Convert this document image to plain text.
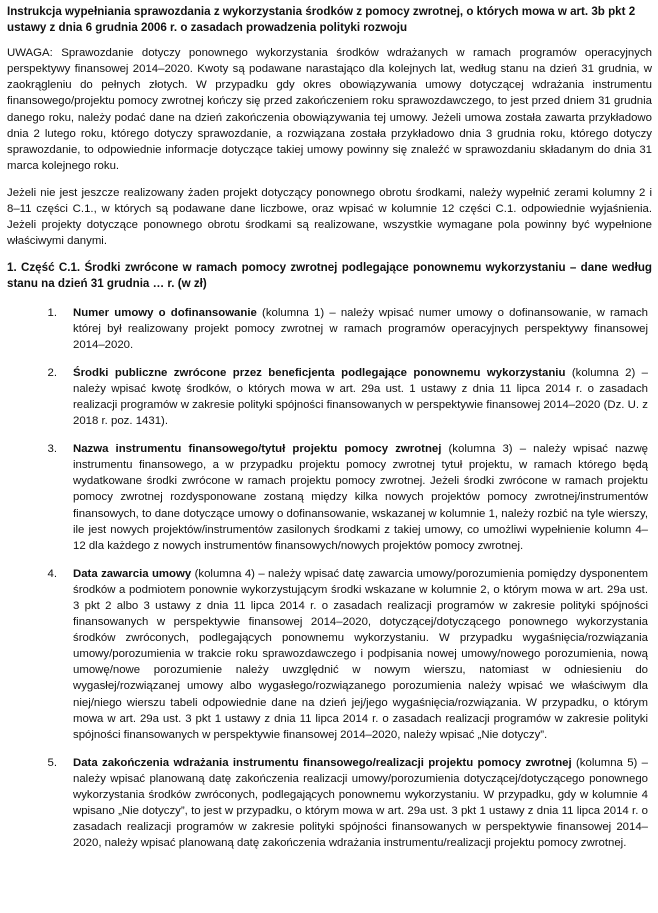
Instrukcja wypełniania sprawozdania z wykorzystania środków z pomocy zwrotnej, o których mowa w art. 3b pkt 2 ustawy z dnia 6 grudnia 2006 r. o zasadach prowadzenia polityki rozwoju

UWAGA: Sprawozdanie dotyczy ponownego wykorzystania środków wdrażanych w ramach programów operacyjnych perspektywy finansowej 2014–2020. Kwoty są podawane narastająco dla kolejnych lat, według stanu na dzień 31 grudnia, w zaokrągleniu do pełnych złotych. W przypadku gdy okres obowiązywania umowy dotyczącej wdrażania instrumentu finansowego/projektu pomocy zwrotnej kończy się przed zakończeniem roku sprawozdawczego, to jest przed dniem 31 grudnia danego roku, należy podać dane na dzień zakończenia obowiązywania tej umowy. Jeżeli umowa została zawarta przykładowo dnia 2 lutego roku, którego dotyczy sprawozdanie, a rozwiązana została przykładowo dnia 3 grudnia roku, którego dotyczy sprawozdanie, to odpowiednie informacje dotyczące takiej umowy powinny się znaleźć w sprawozdaniu składanym do dnia 31 marca kolejnego roku.

Jeżeli nie jest jeszcze realizowany żaden projekt dotyczący ponownego obrotu środkami, należy wypełnić zerami kolumny 2 i 8–11 części C.1., w których są podawane dane liczbowe, oraz wpisać w kolumnie 12 części C.1. odpowiednie wyjaśnienia. Jeżeli projekty dotyczące ponownego obrotu środkami są realizowane, wszystkie wymagane pola powinny być wypełnione właściwymi danymi.

1. Część C.1. Środki zwrócone w ramach pomocy zwrotnej podlegające ponownemu wykorzystaniu – dane według stanu na dzień 31 grudnia … r. (w zł)
1.	Numer umowy o dofinansowanie (kolumna 1) – należy wpisać numer umowy o dofinansowanie, w ramach której był realizowany projekt pomocy zwrotnej w ramach programów operacyjnych perspektywy finansowej 2014–2020.
2.	Środki publiczne zwrócone przez beneficjenta podlegające ponownemu wykorzystaniu (kolumna 2) – należy wpisać kwotę środków, o których mowa w art. 29a ust. 1 ustawy z dnia 11 lipca 2014 r. o zasadach realizacji programów w zakresie polityki spójności finansowanych w perspektywie finansowej 2014–2020 (Dz. U. z 2018 r. poz. 1431).
3.	Nazwa instrumentu finansowego/tytuł projektu pomocy zwrotnej (kolumna 3) – należy wpisać nazwę instrumentu finansowego, a w przypadku projektu pomocy zwrotnej tytuł projektu, w ramach którego będą wydatkowane środki zwrócone w ramach projektu pomocy zwrotnej. Jeżeli środki zwrócone w ramach projektu pomocy zwrotnej rozdysponowane zostaną między kilka nowych projektów pomocy zwrotnej/instrumentów finansowych, to dane dotyczące umowy o dofinansowanie, wskazanej w kolumnie 1, należy rozbić na tyle wierszy, ile jest nowych projektów/instrumentów zasilonych środkami z takiej umowy, co umożliwi wypełnienie kolumn 4–12 dla każdego z nowych instrumentów finansowych/nowych projektów pomocy zwrotnej.
4.	Data zawarcia umowy (kolumna 4) – należy wpisać datę zawarcia umowy/porozumienia pomiędzy dysponentem środków a podmiotem ponownie wykorzystującym środki wskazane w kolumnie 2, o którym mowa w art. 29a ust. 3 pkt 2 albo 3 ustawy z dnia 11 lipca 2014 r. o zasadach realizacji programów w zakresie polityki spójności finansowanych w perspektywie finansowej 2014–2020, dotyczącej/dotyczącego ponownego wykorzystania środków zwróconych, podlegających ponownemu wykorzystaniu. W przypadku wygaśnięcia/rozwiązania umowy/porozumienia w trakcie roku sprawozdawczego i podpisania nowej umowy/nowego porozumienia, nową umowę/nowe porozumienie należy uwzględnić w nowym wierszu, natomiast w odniesieniu do wygasłej/rozwiązanej umowy albo wygasłego/rozwiązanego porozumienia należy wpisać we właściwym dla niej/niego wierszu tabeli odpowiednie dane na dzień jej/jego wygaśnięcia/rozwiązania. W przypadku, o którym mowa w art. 29a ust. 3 pkt 1 ustawy z dnia 11 lipca 2014 r. o zasadach realizacji programów w zakresie polityki spójności finansowanych w perspektywie finansowej 2014–2020, należy wpisać „Nie dotyczy”.
5.	Data zakończenia wdrażania instrumentu finansowego/realizacji projektu pomocy zwrotnej (kolumna 5) – należy wpisać planowaną datę zakończenia realizacji umowy/porozumienia dotyczącej/dotyczącego ponownego wykorzystania środków zwróconych, podlegających ponownemu wykorzystaniu. W przypadku, gdy w kolumnie 4 wpisano „Nie dotyczy”, to jest w przypadku, o którym mowa w art. 29a ust. 3 pkt 1 ustawy z dnia 11 lipca 2014 r. o zasadach realizacji programów w zakresie polityki spójności finansowanych w perspektywie finansowej 2014–2020, należy wpisać planowaną datę zakończenia wdrażania instrumentu/realizacji projektu pomocy zwrotnej.
